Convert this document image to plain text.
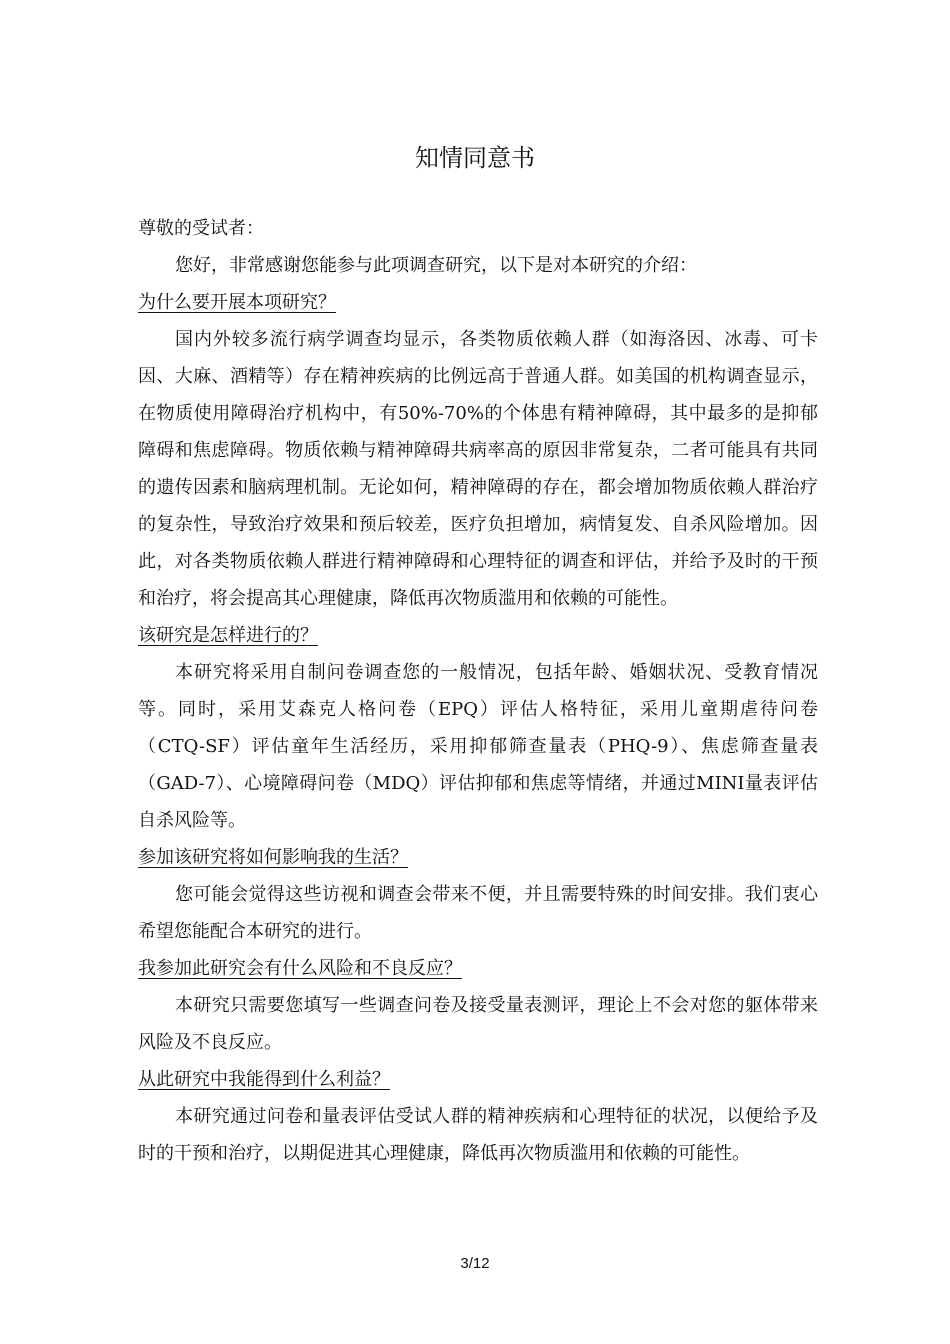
知情同意书

尊敬的受试者：

您好，非常感谢您能参与此项调查研究，以下是对本研究的介绍：

为什么要开展本项研究？

国内外较多流行病学调查均显示，各类物质依赖人群（如海洛因、冰毒、可卡因、大麻、酒精等）存在精神疾病的比例远高于普通人群。如美国的机构调查显示，在物质使用障碍治疗机构中，有50%-70%的个体患有精神障碍，其中最多的是抑郁障碍和焦虑障碍。物质依赖与精神障碍共病率高的原因非常复杂，二者可能具有共同的遗传因素和脑病理机制。无论如何，精神障碍的存在，都会增加物质依赖人群治疗的复杂性，导致治疗效果和预后较差，医疗负担增加，病情复发、自杀风险增加。因此，对各类物质依赖人群进行精神障碍和心理特征的调查和评估，并给予及时的干预和治疗，将会提高其心理健康，降低再次物质滥用和依赖的可能性。

该研究是怎样进行的？

本研究将采用自制问卷调查您的一般情况，包括年龄、婚姻状况、受教育情况等。同时，采用艾森克人格问卷（EPQ）评估人格特征，采用儿童期虐待问卷（CTQ-SF）评估童年生活经历，采用抑郁筛查量表（PHQ-9）、焦虑筛查量表（GAD-7）、心境障碍问卷（MDQ）评估抑郁和焦虑等情绪，并通过MINI量表评估自杀风险等。

参加该研究将如何影响我的生活？

您可能会觉得这些访视和调查会带来不便，并且需要特殊的时间安排。我们衷心希望您能配合本研究的进行。

我参加此研究会有什么风险和不良反应？

本研究只需要您填写一些调查问卷及接受量表测评，理论上不会对您的躯体带来风险及不良反应。

从此研究中我能得到什么利益？

本研究通过问卷和量表评估受试人群的精神疾病和心理特征的状况，以便给予及时的干预和治疗，以期促进其心理健康，降低再次物质滥用和依赖的可能性。

3/12
